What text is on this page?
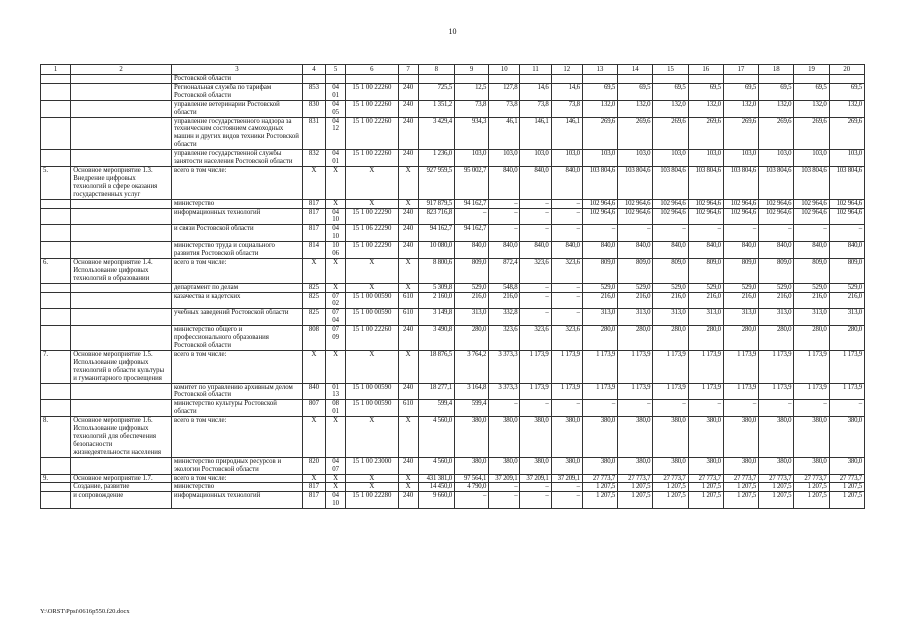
10
1	2	3	4	5	6	7	8	9	10	11	12	13	14	15	16	17	18	19	20
		Ростовской области																	
		Региональная служба по тарифам Ростовской области	853	04 01	15 1 00 22260	240	725,5	12,5	127,8	14,6	14,6	69,5	69,5	69,5	69,5	69,5	69,5	69,5	69,5
		управление ветеринарии Ростовской области	830	04 05	15 1 00 22260	240	1 351,2	73,8	73,8	73,8	73,8	132,0	132,0	132,0	132,0	132,0	132,0	132,0	132,0
		управление государственного надзора за техническим состоянием самоходных машин и других видов техники Ростовской области	831	04 12	15 1 00 22260	240	3 429,4	934,3	46,1	146,1	146,1	269,6	269,6	269,6	269,6	269,6	269,6	269,6	269,6
		управление государственной службы занятости населения Ростовской области	832	04 01	15 1 00 22260	240	1 236,0	103,0	103,0	103,0	103,0	103,0	103,0	103,0	103,0	103,0	103,0	103,0	103,0
5.	Основное мероприятие 1.3. Внедрение цифровых технологий в сфере оказания государственных услуг	всего в том числе:	X	X	X	X	927 959,5	95 002,7	840,0	840,0	840,0	103 804,6	103 804,6	103 804,6	103 804,6	103 804,6	103 804,6	103 804,6	103 804,6
		министерство	817	X	X	X	917 879,5	94 162,7	–	–	–	102 964,6	102 964,6	102 964,6	102 964,6	102 964,6	102 964,6	102 964,6	102 964,6
		информационных технологий	817	04 10	15 1 00 22290	240	823 716,8	–	–	–	–	102 964,6	102 964,6	102 964,6	102 964,6	102 964,6	102 964,6	102 964,6	102 964,6
		и связи Ростовской области	817	04 10	15 1 06 22290	240	94 162,7	94 162,7	–	–	–	–	–	–	–	–	–	–	–
		министерство труда и социального развития Ростовской области	814	10 06	15 1 00 22290	240	10 080,0	840,0	840,0	840,0	840,0	840,0	840,0	840,0	840,0	840,0	840,0	840,0	840,0
6.	Основное мероприятие 1.4. Использование цифровых технологий в образовании	всего в том числе:	X	X	X	X	8 800,6	809,0	872,4	323,6	323,6	809,0	809,0	809,0	809,0	809,0	809,0	809,0	809,0
		департамент по делам	825	X	X	X	5 309,8	529,0	548,8	–	–	529,0	529,0	529,0	529,0	529,0	529,0	529,0	529,0
		казачества и кадетских	825	07 02	15 1 00 00590	610	2 160,0	216,0	216,0	–	–	216,0	216,0	216,0	216,0	216,0	216,0	216,0	216,0
		учебных заведений Ростовской области	825	07 04	15 1 00 00590	610	3 149,8	313,0	332,8	–	–	313,0	313,0	313,0	313,0	313,0	313,0	313,0	313,0
		министерство общего и профессионального образования Ростовской области	808	07 09	15 1 00 22260	240	3 490,8	280,0	323,6	323,6	323,6	280,0	280,0	280,0	280,0	280,0	280,0	280,0	280,0
7.	Основное мероприятие 1.5. Использование цифровых технологий в области культуры и гуманитарного просвещения	всего в том числе:	X	X	X	X	18 876,5	3 764,2	3 373,3	1 173,9	1 173,9	1 173,9	1 173,9	1 173,9	1 173,9	1 173,9	1 173,9	1 173,9	1 173,9
		комитет по управлению архивным делом Ростовской области	840	01 13	15 1 00 00590	240	18 277,1	3 164,8	3 373,3	1 173,9	1 173,9	1 173,9	1 173,9	1 173,9	1 173,9	1 173,9	1 173,9	1 173,9	1 173,9
		министерство культуры Ростовской области	807	08 01	15 1 00 00590	610	599,4	599,4	–	–	–	–	–	–	–	–	–	–	–
8.	Основное мероприятие 1.6. Использование цифровых технологий для обеспечения безопасности жизнедеятельности населения	всего в том числе:	X	X	X	X	4 560,0	380,0	380,0	380,0	380,0	380,0	380,0	380,0	380,0	380,0	380,0	380,0	380,0
		министерство природных ресурсов и экологии Ростовской области	820	04 07	15 1 00 23000	240	4 560,0	380,0	380,0	380,0	380,0	380,0	380,0	380,0	380,0	380,0	380,0	380,0	380,0
9.	Основное мероприятие 1.7.	всего в том числе:	X	X	X	X	431 381,0	97 564,1	37 209,1	37 209,1	37 209,1	27 773,7	27 773,7	27 773,7	27 773,7	27 773,7	27 773,7	27 773,7	27 773,7
	Создание, развитие	министерство	817	X	X	X	14 450,0	4 790,0	–	–	–	1 207,5	1 207,5	1 207,5	1 207,5	1 207,5	1 207,5	1 207,5	1 207,5
	и сопровождение	информационных технологий	817	04 10	15 1 00 22280	240	9 660,0	–	–	–	–	1 207,5	1 207,5	1 207,5	1 207,5	1 207,5	1 207,5	1 207,5	1 207,5
Y:\ORST\Ppsi\0616p550.f20.docx
